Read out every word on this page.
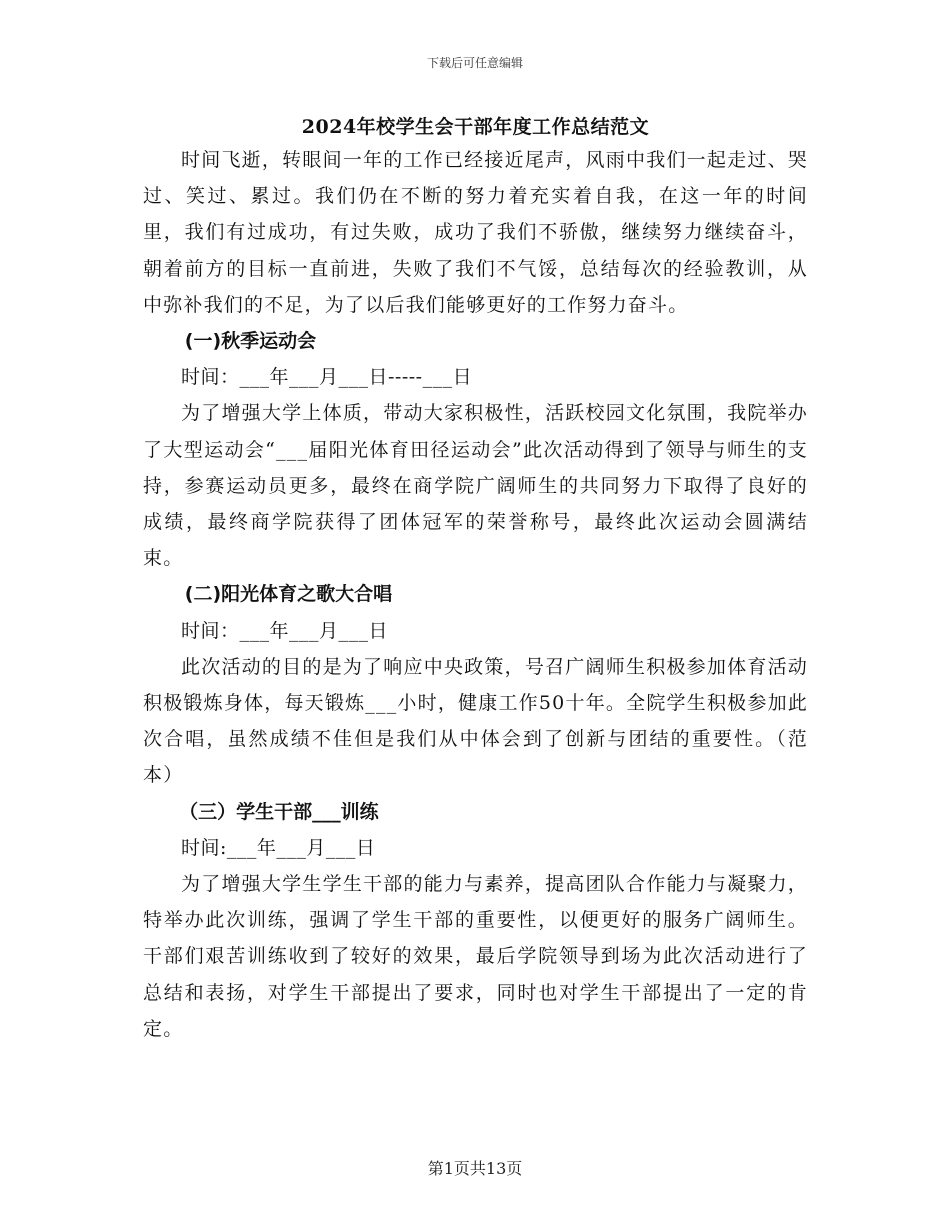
下载后可任意编辑
2024年校学生会干部年度工作总结范文

时间飞逝，转眼间一年的工作已经接近尾声，风雨中我们一起走过、哭过、笑过、累过。我们仍在不断的努力着充实着自我，在这一年的时间里，我们有过成功，有过失败，成功了我们不骄傲，继续努力继续奋斗，朝着前方的目标一直前进，失败了我们不气馁，总结每次的经验教训，从中弥补我们的不足，为了以后我们能够更好的工作努力奋斗。

(一)秋季运动会

时间：___年___月___日-----___日

为了增强大学上体质，带动大家积极性，活跃校园文化氛围，我院举办了大型运动会“___届阳光体育田径运动会”此次活动得到了领导与师生的支持，参赛运动员更多，最终在商学院广阔师生的共同努力下取得了良好的成绩，最终商学院获得了团体冠军的荣誉称号，最终此次运动会圆满结束。

(二)阳光体育之歌大合唱

时间：___年___月___日

此次活动的目的是为了响应中央政策，号召广阔师生积极参加体育活动积极锻炼身体，每天锻炼___小时，健康工作50十年。全院学生积极参加此次合唱，虽然成绩不佳但是我们从中体会到了创新与团结的重要性。（范本）

（三）学生干部___训练

时间:___年___月___日

为了增强大学生学生干部的能力与素养，提高团队合作能力与凝聚力，特举办此次训练，强调了学生干部的重要性，以便更好的服务广阔师生。干部们艰苦训练收到了较好的效果，最后学院领导到场为此次活动进行了总结和表扬，对学生干部提出了要求，同时也对学生干部提出了一定的肯定。

第1页共13页
